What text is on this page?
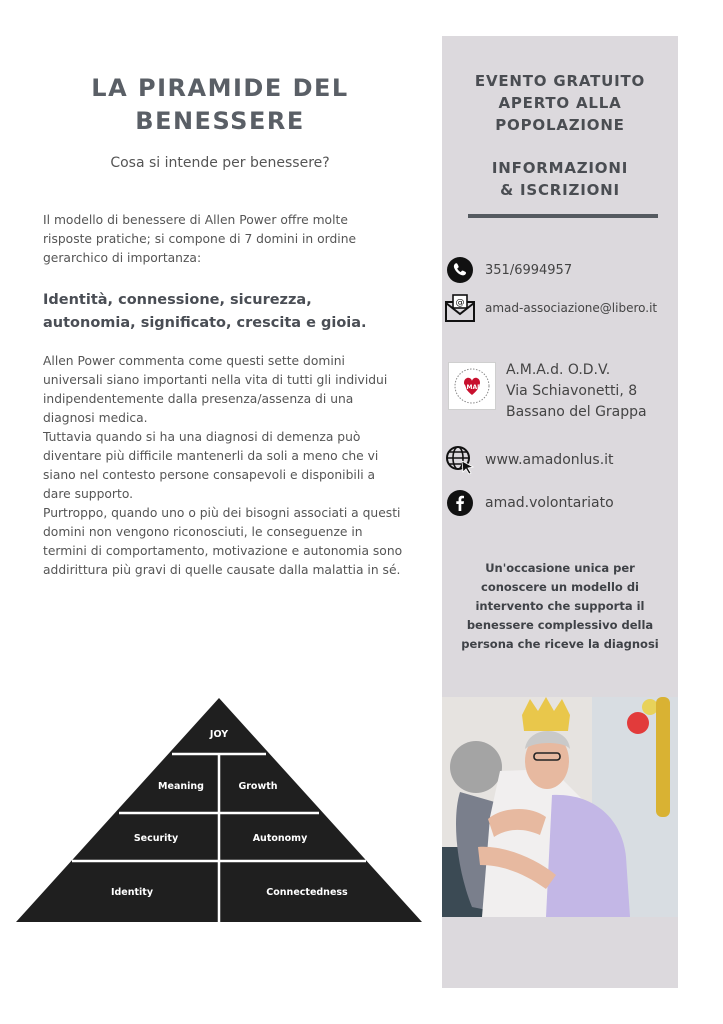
LA PIRAMIDE DEL
BENESSERE
Cosa si intende per benessere?
Il modello di benessere di Allen Power offre molte risposte pratiche; si compone di 7 domini in ordine gerarchico di importanza:
Identità, connessione, sicurezza, autonomia, significato, crescita e gioia.

Allen Power commenta come questi sette domini universali siano importanti nella vita di tutti gli individui indipendentemente dalla presenza/assenza di una diagnosi medica.

Tuttavia quando si ha una diagnosi di demenza può diventare più difficile mantenerli da soli a meno che vi siano nel contesto persone consapevoli e disponibili a dare supporto.

Purtroppo, quando uno o più dei bisogni associati a questi domini non vengono riconosciuti, le conseguenze in termini di comportamento, motivazione e autonomia sono addirittura più gravi di quelle causate dalla malattia in sé.

JOY
Meaning	Growth
Security	Autonomy
Identity	Connectedness
EVENTO GRATUITO
APERTO ALLA
POPOLAZIONE
INFORMAZIONI
& ISCRIZIONI
351/6994957
@ amad-associazione@libero.it
AMAD
A.M.A.d. O.D.V.
Via Schiavonetti, 8
Bassano del Grappa
www.amadonlus.it
amad.volontariato
Un'occasione unica per conoscere un modello di intervento che supporta il benessere complessivo della persona che riceve la diagnosi
